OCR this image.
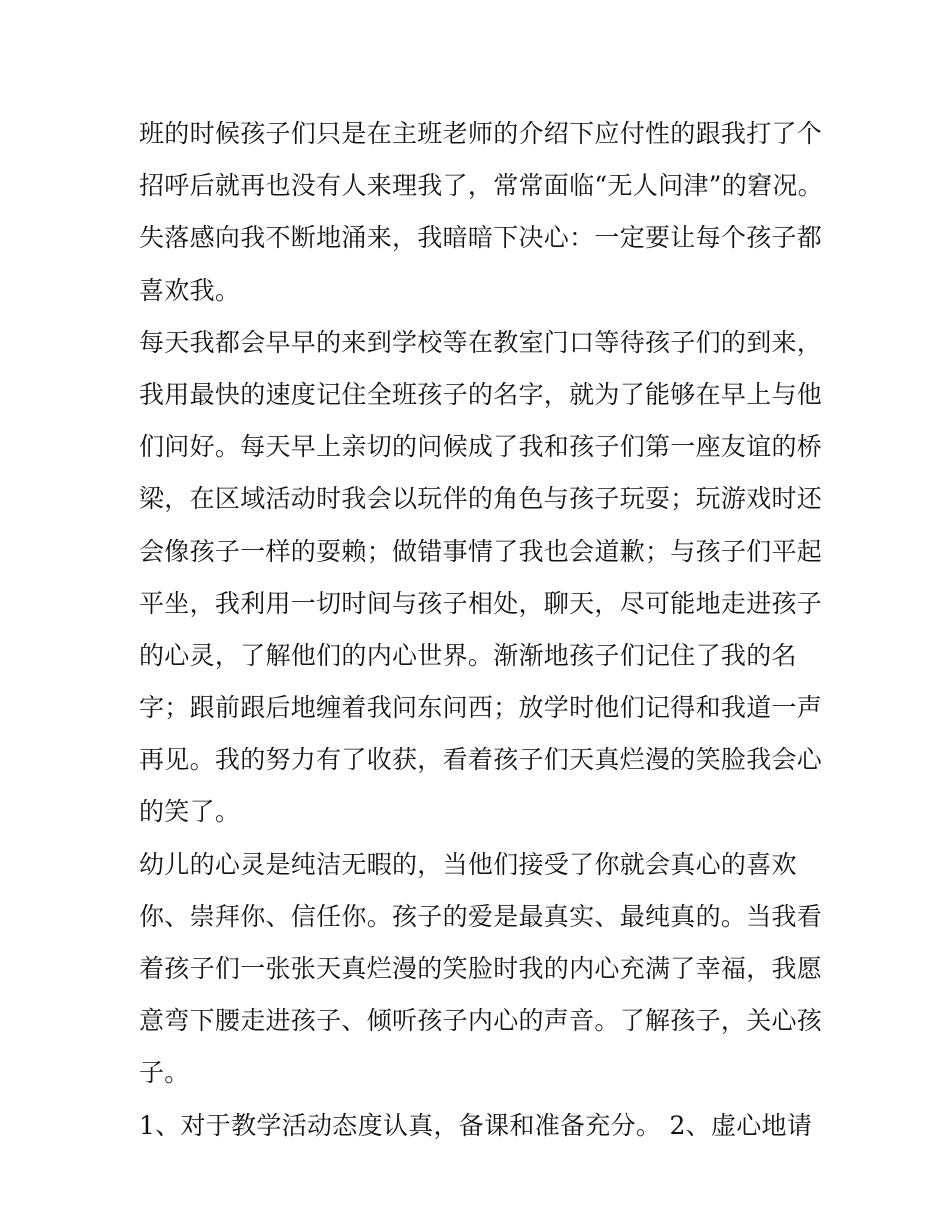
班的时候孩子们只是在主班老师的介绍下应付性的跟我打了个
招呼后就再也没有人来理我了，常常面临“无人问津”的窘况。
失落感向我不断地涌来，我暗暗下决心：一定要让每个孩子都
喜欢我。
每天我都会早早的来到学校等在教室门口等待孩子们的到来，
我用最快的速度记住全班孩子的名字，就为了能够在早上与他
们问好。每天早上亲切的问候成了我和孩子们第一座友谊的桥
梁，在区域活动时我会以玩伴的角色与孩子玩耍；玩游戏时还
会像孩子一样的耍赖；做错事情了我也会道歉；与孩子们平起
平坐，我利用一切时间与孩子相处，聊天，尽可能地走进孩子
的心灵，了解他们的内心世界。渐渐地孩子们记住了我的名
字；跟前跟后地缠着我问东问西；放学时他们记得和我道一声
再见。我的努力有了收获，看着孩子们天真烂漫的笑脸我会心
的笑了。
幼儿的心灵是纯洁无暇的，当他们接受了你就会真心的喜欢
你、崇拜你、信任你。孩子的爱是最真实、最纯真的。当我看
着孩子们一张张天真烂漫的笑脸时我的内心充满了幸福，我愿
意弯下腰走进孩子、倾听孩子内心的声音。了解孩子，关心孩
子。
1、对于教学活动态度认真，备课和准备充分。 2、虚心地请
